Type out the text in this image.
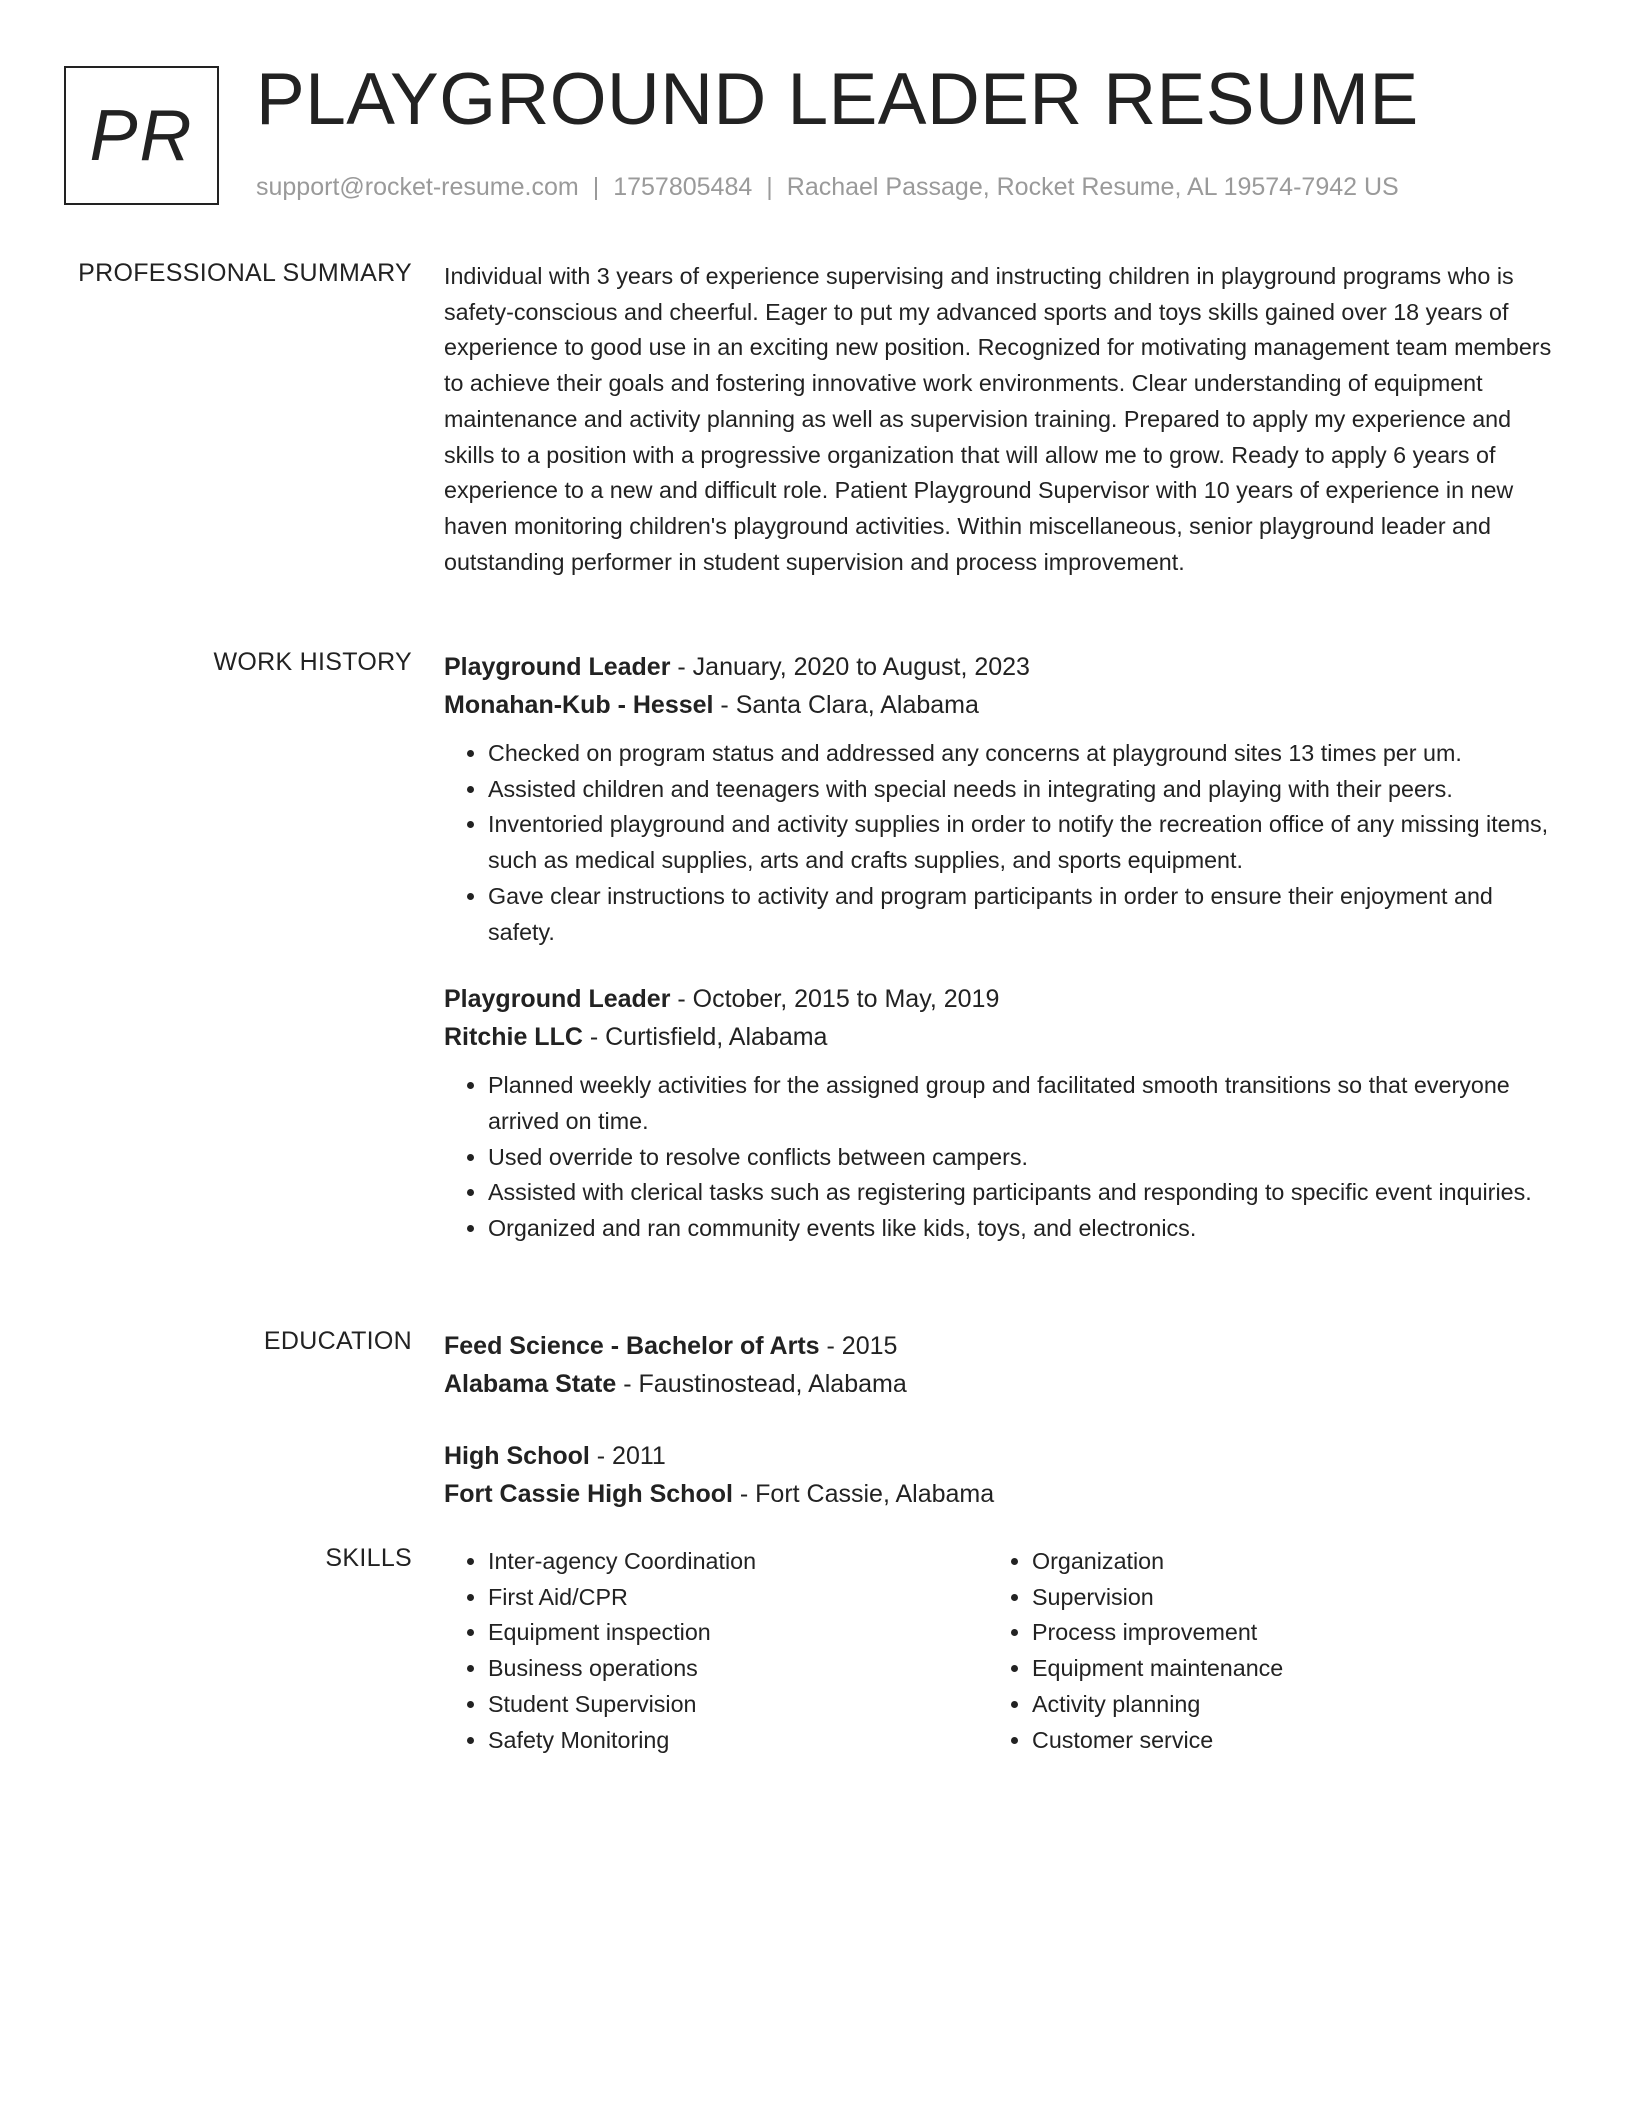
PR PLAYGROUND LEADER RESUME
support@rocket-resume.com | 1757805484 | Rachael Passage, Rocket Resume, AL 19574-7942 US
PROFESSIONAL SUMMARY Individual with 3 years of experience supervising and instructing children in playground programs who is safety-conscious and cheerful. Eager to put my advanced sports and toys skills gained over 18 years of experience to good use in an exciting new position. Recognized for motivating management team members to achieve their goals and fostering innovative work environments. Clear understanding of equipment maintenance and activity planning as well as supervision training. Prepared to apply my experience and skills to a position with a progressive organization that will allow me to grow. Ready to apply 6 years of experience to a new and difficult role. Patient Playground Supervisor with 10 years of experience in new haven monitoring children's playground activities. Within miscellaneous, senior playground leader and outstanding performer in student supervision and process improvement.
WORK HISTORY Playground Leader - January, 2020 to August, 2023
Monahan-Kub - Hessel - Santa Clara, Alabama
• Checked on program status and addressed any concerns at playground sites 13 times per um.
• Assisted children and teenagers with special needs in integrating and playing with their peers.
• Inventoried playground and activity supplies in order to notify the recreation office of any missing items, such as medical supplies, arts and crafts supplies, and sports equipment.
• Gave clear instructions to activity and program participants in order to ensure their enjoyment and safety.
Playground Leader - October, 2015 to May, 2019
Ritchie LLC - Curtisfield, Alabama
• Planned weekly activities for the assigned group and facilitated smooth transitions so that everyone arrived on time.
• Used override to resolve conflicts between campers.
• Assisted with clerical tasks such as registering participants and responding to specific event inquiries.
• Organized and ran community events like kids, toys, and electronics.
EDUCATION Feed Science - Bachelor of Arts - 2015
Alabama State - Faustinostead, Alabama
High School - 2011
Fort Cassie High School - Fort Cassie, Alabama
SKILLS
•	Inter-agency Coordination
• First Aid/CPR
• Equipment inspection
• Business operations
• Student Supervision
• Safety Monitoring
• Organization
• Supervision
• Process improvement
• Equipment maintenance
• Activity planning
• Customer service
